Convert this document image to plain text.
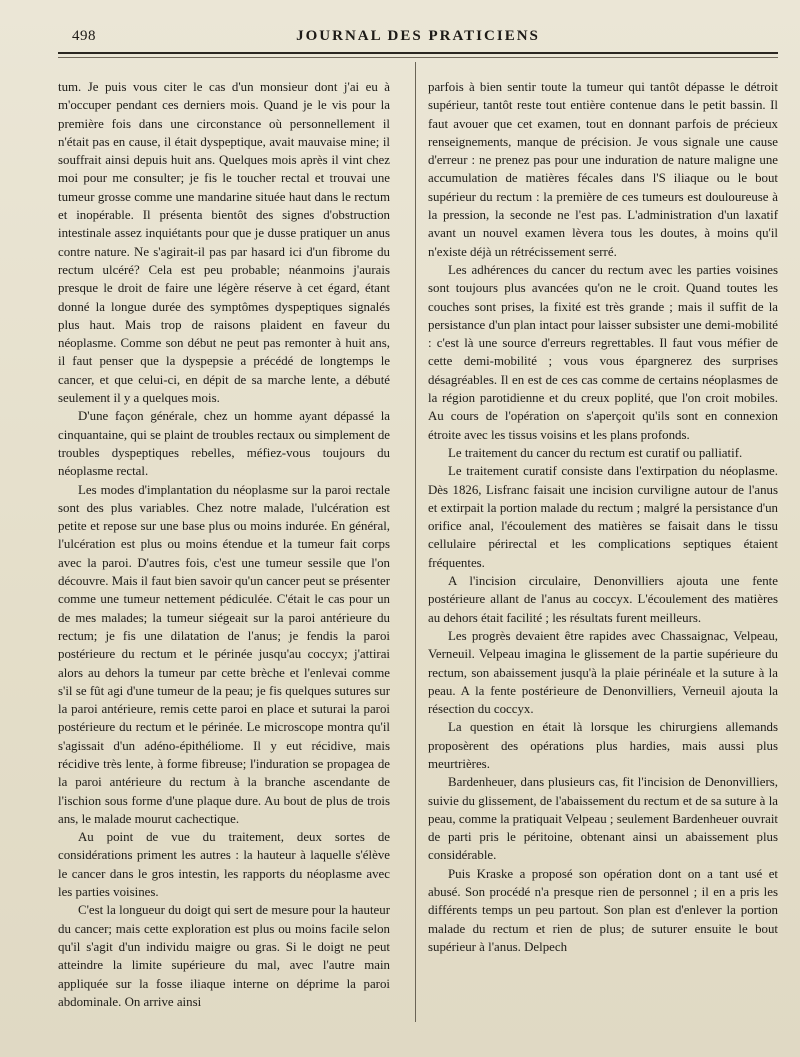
498	JOURNAL DES PRATICIENS

tum. Je puis vous citer le cas d'un monsieur dont j'ai eu à m'occuper pendant ces derniers mois. Quand je le vis pour la première fois dans une circonstance où personnellement il n'était pas en cause, il était dyspeptique, avait mauvaise mine; il souffrait ainsi depuis huit ans. Quelques mois après il vint chez moi pour me consulter; je fis le toucher rectal et trouvai une tumeur grosse comme une mandarine située haut dans le rectum et inopérable. Il présenta bientôt des signes d'obstruction intestinale assez inquiétants pour que je dusse pratiquer un anus contre nature. Ne s'agirait-il pas par hasard ici d'un fibrome du rectum ulcéré? Cela est peu probable; néanmoins j'aurais presque le droit de faire une légère réserve à cet égard, étant donné la longue durée des symptômes dyspeptiques signalés plus haut. Mais trop de raisons plaident en faveur du néoplasme. Comme son début ne peut pas remonter à huit ans, il faut penser que la dyspepsie a précédé de longtemps le cancer, et que celui-ci, en dépit de sa marche lente, a débuté seulement il y a quelques mois.

D'une façon générale, chez un homme ayant dépassé la cinquantaine, qui se plaint de troubles rectaux ou simplement de troubles dyspeptiques rebelles, méfiez-vous toujours du néoplasme rectal.

Les modes d'implantation du néoplasme sur la paroi rectale sont des plus variables. Chez notre malade, l'ulcération est petite et repose sur une base plus ou moins indurée. En général, l'ulcération est plus ou moins étendue et la tumeur fait corps avec la paroi. D'autres fois, c'est une tumeur sessile que l'on découvre. Mais il faut bien savoir qu'un cancer peut se présenter comme une tumeur nettement pédiculée. C'était le cas pour un de mes malades; la tumeur siégeait sur la paroi antérieure du rectum; je fis une dilatation de l'anus; je fendis la paroi postérieure du rectum et le périnée jusqu'au coccyx; j'attirai alors au dehors la tumeur par cette brèche et l'enlevai comme s'il se fût agi d'une tumeur de la peau; je fis quelques sutures sur la paroi antérieure, remis cette paroi en place et suturai la paroi postérieure du rectum et le périnée. Le microscope montra qu'il s'agissait d'un adéno-épithéliome. Il y eut récidive, mais récidive très lente, à forme fibreuse; l'induration se propagea de la paroi antérieure du rectum à la branche ascendante de l'ischion sous forme d'une plaque dure. Au bout de plus de trois ans, le malade mourut cachectique.

Au point de vue du traitement, deux sortes de considérations priment les autres : la hauteur à laquelle s'élève le cancer dans le gros intestin, les rapports du néoplasme avec les parties voisines.

C'est la longueur du doigt qui sert de mesure pour la hauteur du cancer; mais cette exploration est plus ou moins facile selon qu'il s'agit d'un individu maigre ou gras. Si le doigt ne peut atteindre la limite supérieure du mal, avec l'autre main appliquée sur la fosse iliaque interne on déprime la paroi abdominale. On arrive ainsi

parfois à bien sentir toute la tumeur qui tantôt dépasse le détroit supérieur, tantôt reste tout entière contenue dans le petit bassin. Il faut avouer que cet examen, tout en donnant parfois de précieux renseignements, manque de précision. Je vous signale une cause d'erreur : ne prenez pas pour une induration de nature maligne une accumulation de matières fécales dans l'S iliaque ou le bout supérieur du rectum : la première de ces tumeurs est douloureuse à la pression, la seconde ne l'est pas. L'administration d'un laxatif avant un nouvel examen lèvera tous les doutes, à moins qu'il n'existe déjà un rétrécissement serré.

Les adhérences du cancer du rectum avec les parties voisines sont toujours plus avancées qu'on ne le croit. Quand toutes les couches sont prises, la fixité est très grande ; mais il suffit de la persistance d'un plan intact pour laisser subsister une demi-mobilité : c'est là une source d'erreurs regrettables. Il faut vous méfier de cette demi-mobilité ; vous vous épargnerez des surprises désagréables. Il en est de ces cas comme de certains néoplasmes de la région parotidienne et du creux poplité, que l'on croit mobiles. Au cours de l'opération on s'aperçoit qu'ils sont en connexion étroite avec les tissus voisins et les plans profonds.

Le traitement du cancer du rectum est curatif ou palliatif.

Le traitement curatif consiste dans l'extirpation du néoplasme. Dès 1826, Lisfranc faisait une incision curviligne autour de l'anus et extirpait la portion malade du rectum ; malgré la persistance d'un orifice anal, l'écoulement des matières se faisait dans le tissu cellulaire périrectal et les complications septiques étaient fréquentes.

A l'incision circulaire, Denonvilliers ajouta une fente postérieure allant de l'anus au coccyx. L'écoulement des matières au dehors était facilité ; les résultats furent meilleurs.

Les progrès devaient être rapides avec Chassaignac, Velpeau, Verneuil. Velpeau imagina le glissement de la partie supérieure du rectum, son abaissement jusqu'à la plaie périnéale et la suture à la peau. A la fente postérieure de Denonvilliers, Verneuil ajouta la résection du coccyx.

La question en était là lorsque les chirurgiens allemands proposèrent des opérations plus hardies, mais aussi plus meurtrières.

Bardenheuer, dans plusieurs cas, fit l'incision de Denonvilliers, suivie du glissement, de l'abaissement du rectum et de sa suture à la peau, comme la pratiquait Velpeau ; seulement Bardenheuer ouvrait de parti pris le péritoine, obtenant ainsi un abaissement plus considérable.

Puis Kraske a proposé son opération dont on a tant usé et abusé. Son procédé n'a presque rien de personnel ; il en a pris les différents temps un peu partout. Son plan est d'enlever la portion malade du rectum et rien de plus; de suturer ensuite le bout supérieur à l'anus. Delpech
